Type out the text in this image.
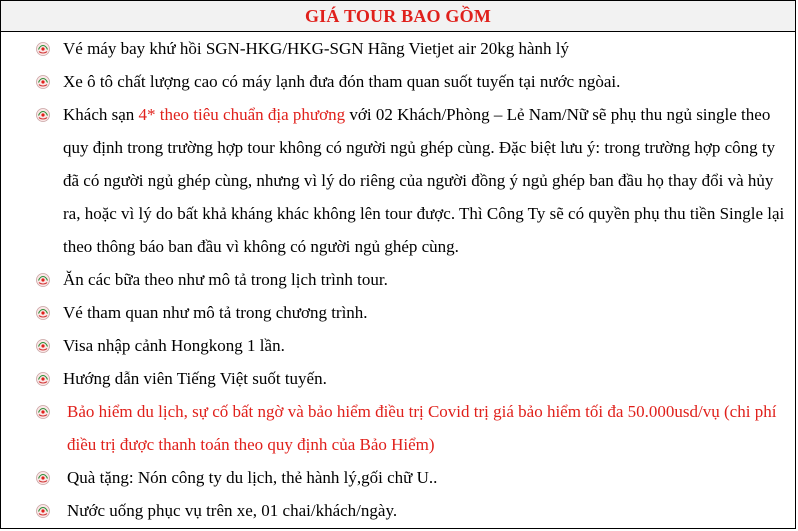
GIÁ TOUR BAO GỒM
Vé máy bay khứ hồi SGN-HKG/HKG-SGN Hãng Vietjet air 20kg hành lý
Xe ô tô chất lượng cao có máy lạnh đưa đón tham quan suốt tuyến tại nước ngòai.
Khách sạn 4* theo tiêu chuẩn địa phương với 02 Khách/Phòng – Lẻ Nam/Nữ sẽ phụ thu ngủ single theo quy định trong trường hợp tour không có người ngủ ghép cùng. Đặc biệt lưu ý: trong trường hợp công ty đã có người ngủ ghép cùng, nhưng vì lý do riêng của người đồng ý ngủ ghép ban đầu họ thay đổi và hủy ra, hoặc vì lý do bất khả kháng khác không lên tour được. Thì Công Ty sẽ có quyền phụ thu tiền Single lại theo thông báo ban đầu vì không có người ngủ ghép cùng.
Ăn các bữa theo như mô tả trong lịch trình tour.
Vé tham quan như mô tả trong chương trình.
Visa nhập cảnh Hongkong 1 lần.
Hướng dẫn viên Tiếng Việt suốt tuyến.
Bảo hiểm du lịch, sự cố bất ngờ và bảo hiểm điều trị Covid trị giá bảo hiểm tối đa 50.000usd/vụ (chi phí điều trị được thanh toán theo quy định của Bảo Hiểm)
Quà tặng: Nón công ty du lịch, thẻ hành lý,gối chữ U..
Nước uống phục vụ trên xe, 01 chai/khách/ngày.
